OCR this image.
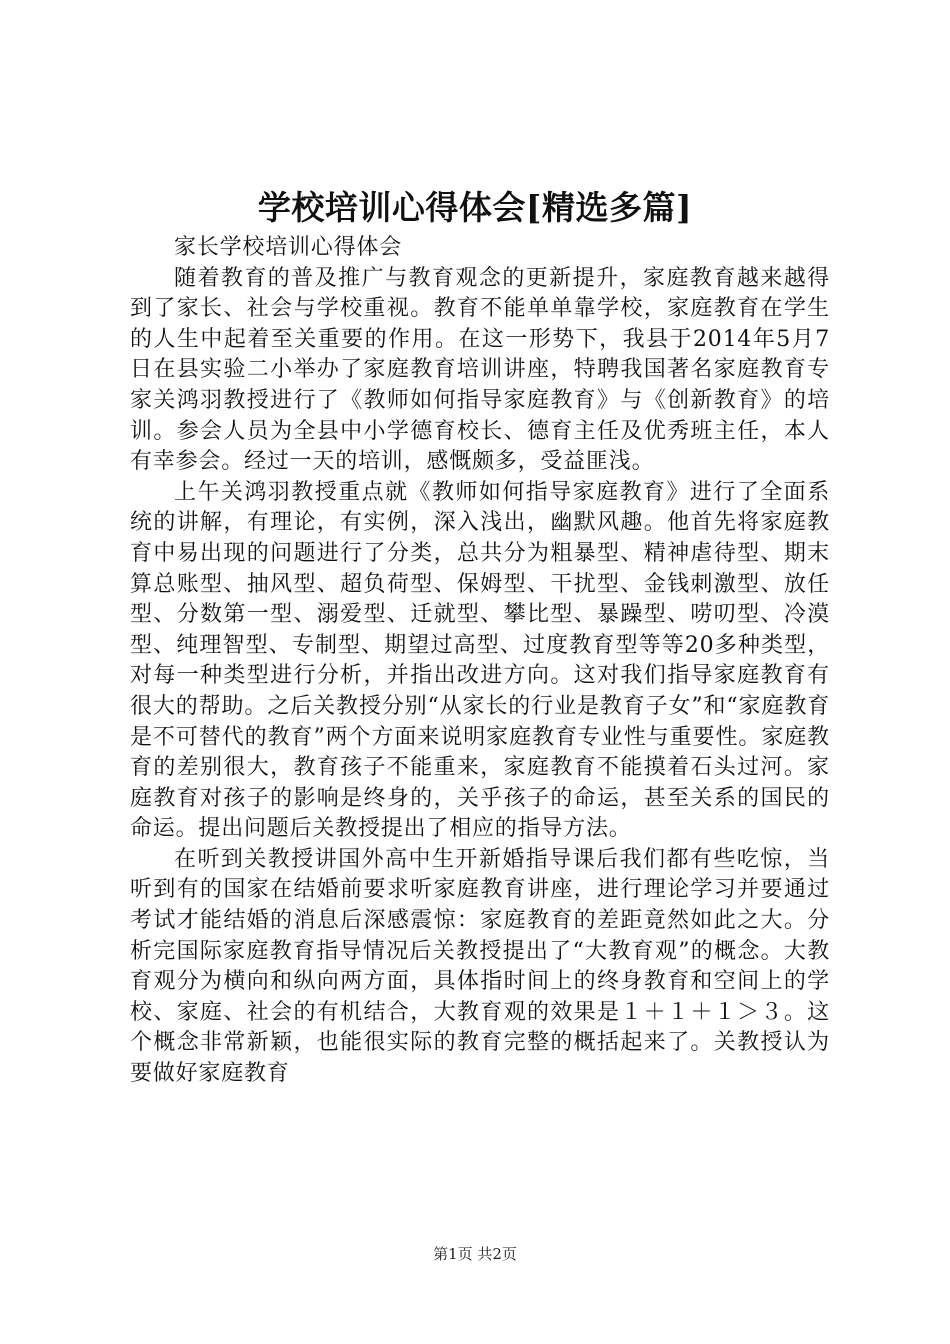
学校培训心得体会[精选多篇]

家长学校培训心得体会

随着教育的普及推广与教育观念的更新提升，家庭教育越来越得到了家长、社会与学校重视。教育不能单单靠学校，家庭教育在学生的人生中起着至关重要的作用。在这一形势下，我县于2014年5月7日在县实验二小举办了家庭教育培训讲座，特聘我国著名家庭教育专家关鸿羽教授进行了《教师如何指导家庭教育》与《创新教育》的培训。参会人员为全县中小学德育校长、德育主任及优秀班主任，本人有幸参会。经过一天的培训，感慨颇多，受益匪浅。

上午关鸿羽教授重点就《教师如何指导家庭教育》进行了全面系统的讲解，有理论，有实例，深入浅出，幽默风趣。他首先将家庭教育中易出现的问题进行了分类，总共分为粗暴型、精神虐待型、期末算总账型、抽风型、超负荷型、保姆型、干扰型、金钱刺激型、放任型、分数第一型、溺爱型、迁就型、攀比型、暴躁型、唠叨型、冷漠型、纯理智型、专制型、期望过高型、过度教育型等等20多种类型，对每一种类型进行分析，并指出改进方向。这对我们指导家庭教育有很大的帮助。之后关教授分别“从家长的行业是教育子女”和“家庭教育是不可替代的教育”两个方面来说明家庭教育专业性与重要性。家庭教育的差别很大，教育孩子不能重来，家庭教育不能摸着石头过河。家庭教育对孩子的影响是终身的，关乎孩子的命运，甚至关系的国民的命运。提出问题后关教授提出了相应的指导方法。

在听到关教授讲国外高中生开新婚指导课后我们都有些吃惊，当听到有的国家在结婚前要求听家庭教育讲座，进行理论学习并要通过考试才能结婚的消息后深感震惊：家庭教育的差距竟然如此之大。分析完国际家庭教育指导情况后关教授提出了“大教育观”的概念。大教育观分为横向和纵向两方面，具体指时间上的终身教育和空间上的学校、家庭、社会的有机结合，大教育观的效果是１＋１＋１＞３。这个概念非常新颖，也能很实际的教育完整的概括起来了。关教授认为要做好家庭教育

第1页 共2页
